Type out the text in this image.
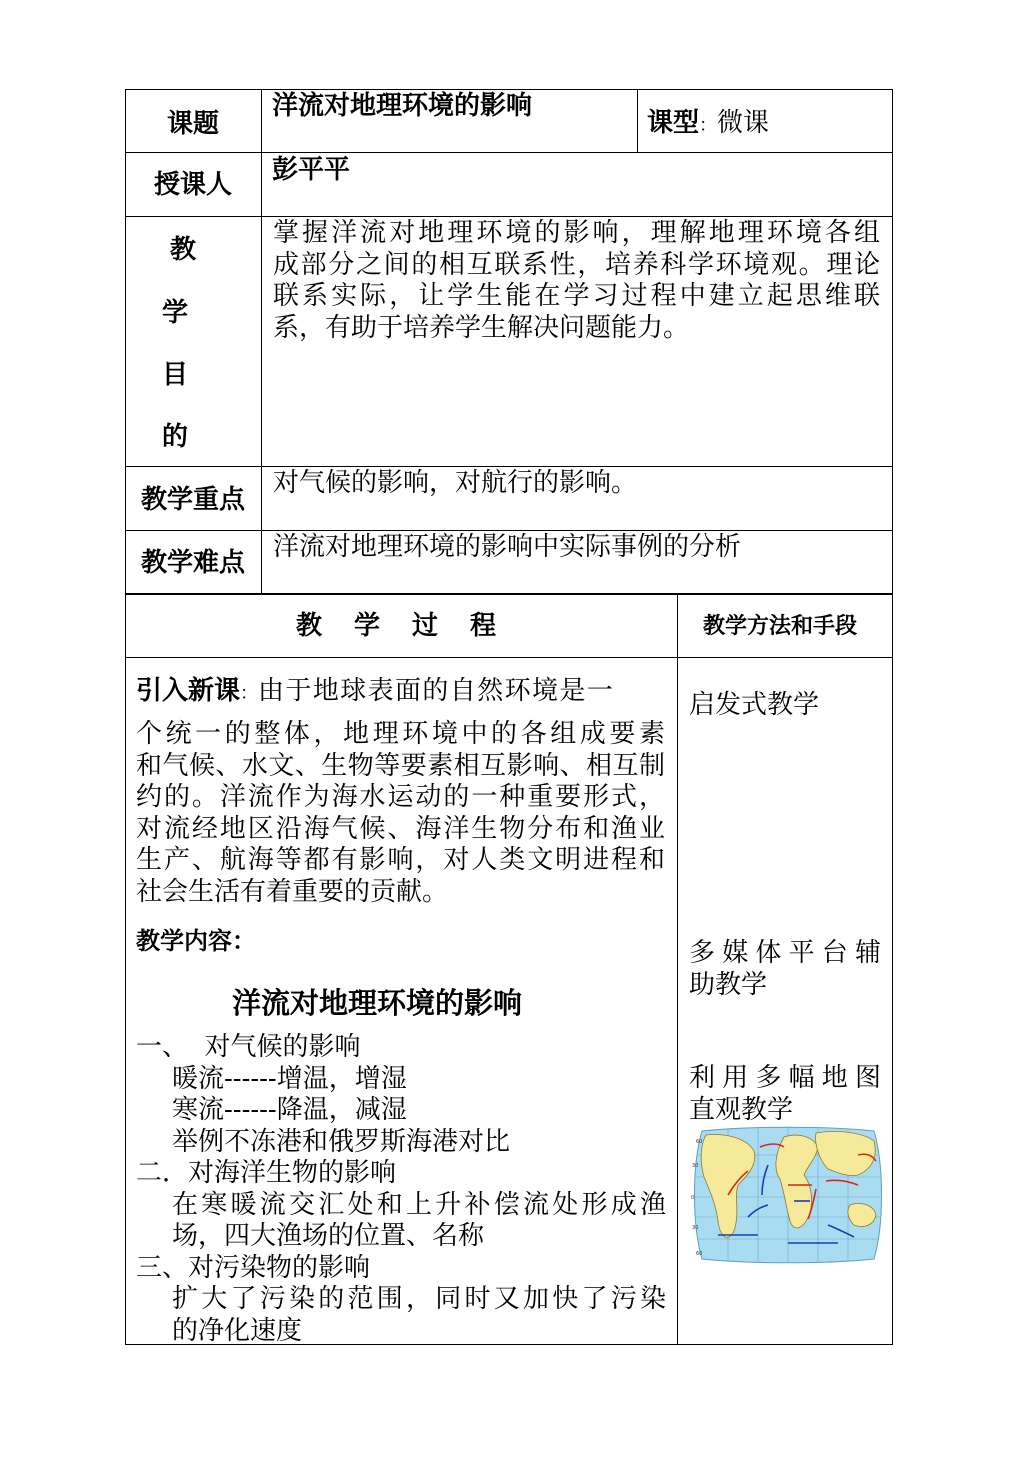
课题
洋流对地理环境的影响
课型：微课
授课人	彭平平
教
学
目
的
掌握洋流对地理环境的影响，理解地理环境各组
成部分之间的相互联系性，培养科学环境观。理论
联系实际，让学生能在学习过程中建立起思维联
系，有助于培养学生解决问题能力。
教学重点
对气候的影响，对航行的影响。
教学难点
洋流对地理环境的影响中实际事例的分析
教 学 过 程	教学方法和手段
引入新课：由于地球表面的自然环境是一
个统一的整体，地理环境中的各组成要素
和气候、水文、生物等要素相互影响、相互制
约的。洋流作为海水运动的一种重要形式，
对流经地区沿海气候、海洋生物分布和渔业
生产、航海等都有影响，对人类文明进程和
社会生活有着重要的贡献。
教学内容：
洋流对地理环境的影响
一、  对气候的影响
暖流------增温，增湿
寒流------降温，减湿
举例不冻港和俄罗斯海港对比
二．对海洋生物的影响
在寒暖流交汇处和上升补偿流处形成渔
场，四大渔场的位置、名称
三、对污染物的影响
扩大了污染的范围，同时又加快了污染
的净化速度
启发式教学
多媒体平台辅
助教学
利用多幅地图
直观教学
60
30
0
30
60
